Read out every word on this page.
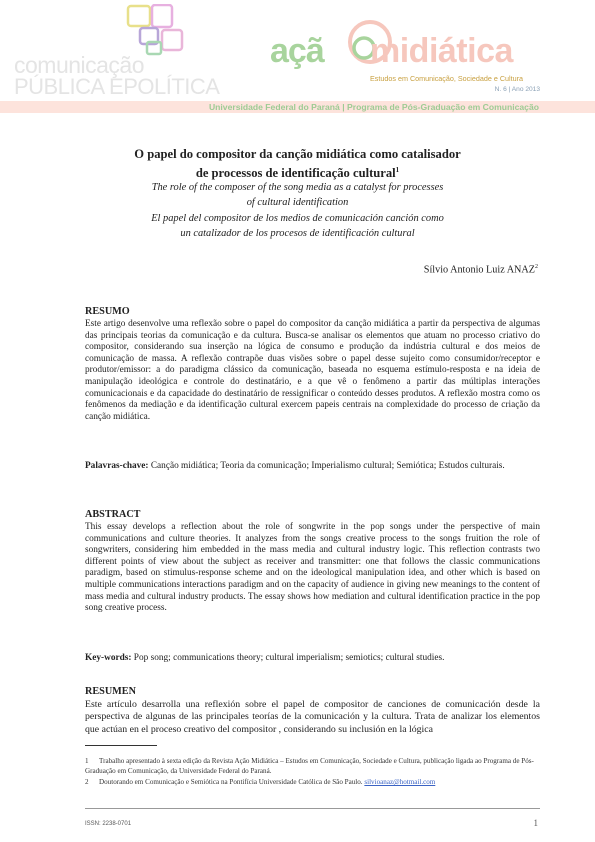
comunicação
PÚBLICA EPOLÍTICA
açã midiática
Estudos em Comunicação, Sociedade e Cultura
N. 6 | Ano 2013
Universidade Federal do Paraná | Programa de Pós-Graduação em Comunicação
O papel do compositor da canção midiática como catalisador
de processos de identificação cultural$^1$
The role of the composer of the song media as a catalyst for processes
of cultural identification
El papel del compositor de los medios de comunicación canción como
un catalizador de los procesos de identificación cultural
Sílvio Antonio Luiz ANAZ$^2$
RESUMO
Este artigo desenvolve uma reflexão sobre o papel do compositor da canção midiática a partir da perspectiva de algumas das principais teorias da comunicação e da cultura. Busca-se analisar os elementos que atuam no processo criativo do compositor, considerando sua inserção na lógica de consumo e produção da indústria cultural e dos meios de comunicação de massa. A reflexão contrapõe duas visões sobre o papel desse sujeito como consumidor/receptor e produtor/emissor: a do paradigma clássico da comunicação, baseada no esquema estímulo-resposta e na ideia de manipulação ideológica e controle do destinatário, e a que vê o fenômeno a partir das múltiplas interações comunicacionais e da capacidade do destinatário de ressignificar o conteúdo desses produtos. A reflexão mostra como os fenômenos da mediação e da identificação cultural exercem papeis centrais na complexidade do processo de criação da canção midiática.
Palavras-chave: Canção midiática; Teoria da comunicação; Imperialismo cultural; Semiótica; Estudos culturais.
ABSTRACT
This essay develops a reflection about the role of songwrite in the pop songs under the perspective of main communications and culture theories. It analyzes from the songs creative process to the songs fruition the role of songwriters, considering him embedded in the mass media and cultural industry logic. This reflection contrasts two different points of view about the subject as receiver and transmitter: one that follows the classic communications paradigm, based on stimulus-response scheme and on the ideological manipulation idea, and other which is based on multiple communications interactions paradigm and on the capacity of audience in giving new meanings to the content of mass media and cultural industry products. The essay shows how mediation and cultural identification practice in the pop song creative process.
Key-words: Pop song; communications theory; cultural imperialism; semiotics; cultural studies.
RESUMEN
Este artículo desarrolla una reflexión sobre el papel de compositor de canciones de comunicación desde la perspectiva de algunas de las principales teorías de la comunicación y la cultura. Trata de analizar los elementos que actúan en el proceso creativo del compositor , considerando su inclusión en la lógica
1 Trabalho apresentado à sexta edição da Revista Ação Midiática – Estudos em Comunicação, Sociedade e Cultura, publicação ligada ao Programa de Pós-Graduação em Comunicação, da Universidade Federal do Paraná.
2 Doutorando em Comunicação e Semiótica na Pontifícia Universidade Católica de São Paulo. silvioanaz@hotmail.com
ISSN: 2238-0701	1
